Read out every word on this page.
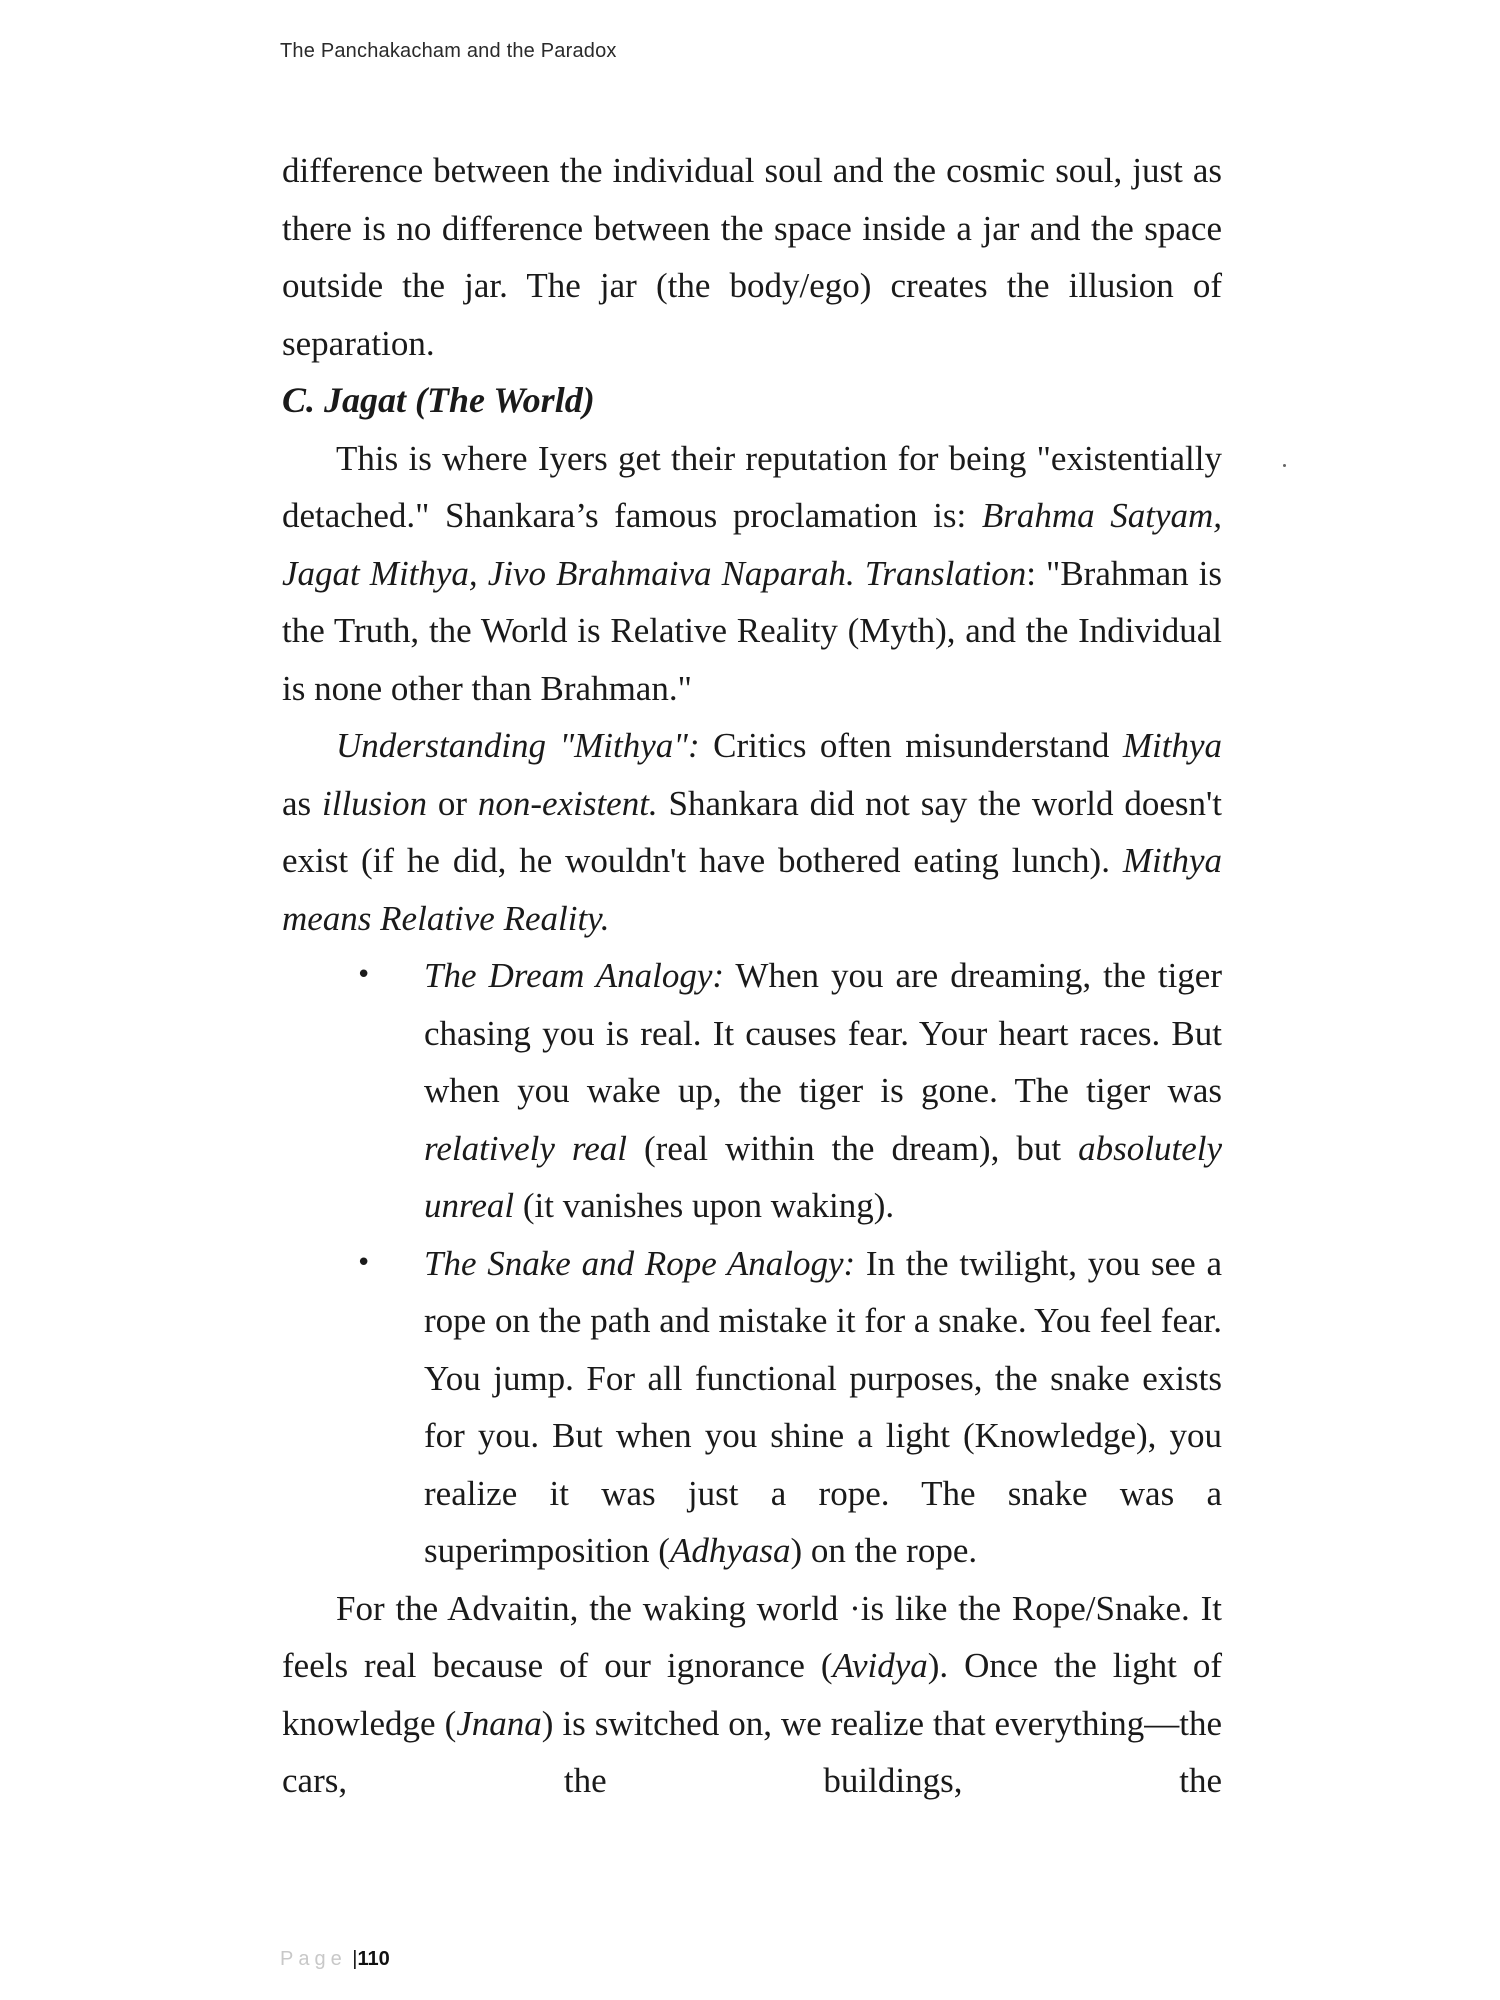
The Panchakacham and the Paradox

difference between the individual soul and the cosmic soul, just as there is no difference between the space inside a jar and the space outside the jar. The jar (the body/ego) creates the illusion of separation.

C. Jagat (The World)

This is where Iyers get their reputation for being "existentially detached." Shankara’s famous proclamation is: Brahma Satyam, Jagat Mithya, Jivo Brahmaiva Naparah. Translation: "Brahman is the Truth, the World is Relative Reality (Myth), and the Individual is none other than Brahman."

Understanding "Mithya": Critics often misunderstand Mithya as illusion or non-existent. Shankara did not say the world doesn't exist (if he did, he wouldn't have bothered eating lunch). Mithya means Relative Reality.

• The Dream Analogy: When you are dreaming, the tiger chasing you is real. It causes fear. Your heart races. But when you wake up, the tiger is gone. The tiger was relatively real (real within the dream), but absolutely unreal (it vanishes upon waking).
• The Snake and Rope Analogy: In the twilight, you see a rope on the path and mistake it for a snake. You feel fear. You jump. For all functional purposes, the snake exists for you. But when you shine a light (Knowledge), you realize it was just a rope. The snake was a superimposition (Adhyasa) on the rope.

For the Advaitin, the waking world ·is like the Rope/Snake. It feels real because of our ignorance (Avidya). Once the light of knowledge (Jnana) is switched on, we realize that everything—the cars, the buildings, the

Page |110
